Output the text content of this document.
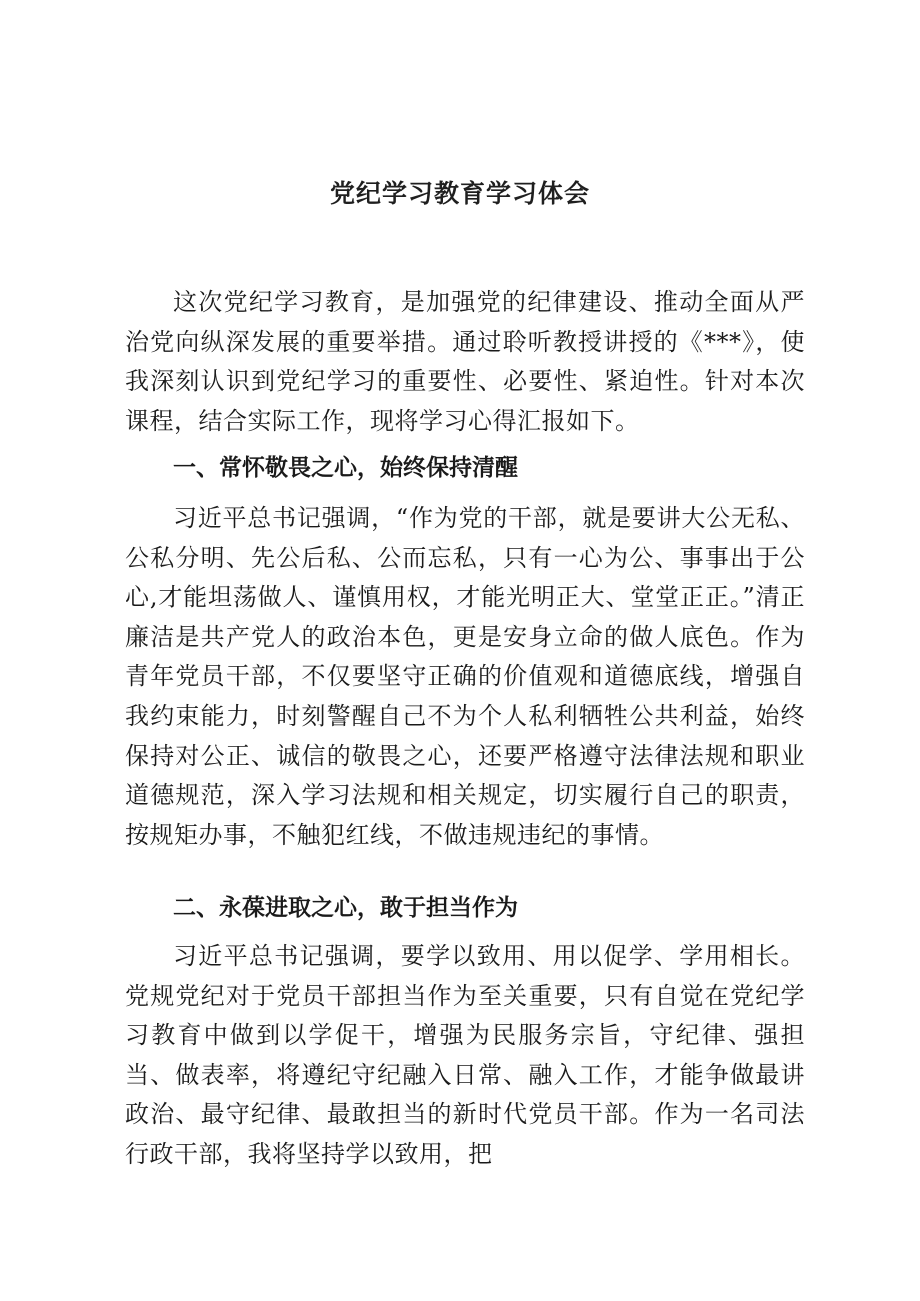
党纪学习教育学习体会

这次党纪学习教育，是加强党的纪律建设、推动全面从严治党向纵深发展的重要举措。通过聆听教授讲授的《***》，使我深刻认识到党纪学习的重要性、必要性、紧迫性。针对本次课程，结合实际工作，现将学习心得汇报如下。

一、常怀敬畏之心，始终保持清醒

习近平总书记强调，“作为党的干部，就是要讲大公无私、公私分明、先公后私、公而忘私，只有一心为公、事事出于公心,才能坦荡做人、谨慎用权，才能光明正大、堂堂正正。”清正廉洁是共产党人的政治本色，更是安身立命的做人底色。作为青年党员干部，不仅要坚守正确的价值观和道德底线，增强自我约束能力，时刻警醒自己不为个人私利牺牲公共利益，始终保持对公正、诚信的敬畏之心，还要严格遵守法律法规和职业道德规范，深入学习法规和相关规定，切实履行自己的职责，按规矩办事，不触犯红线，不做违规违纪的事情。

二、永葆进取之心，敢于担当作为

习近平总书记强调，要学以致用、用以促学、学用相长。党规党纪对于党员干部担当作为至关重要，只有自觉在党纪学习教育中做到以学促干，增强为民服务宗旨，守纪律、强担当、做表率，将遵纪守纪融入日常、融入工作，才能争做最讲政治、最守纪律、最敢担当的新时代党员干部。作为一名司法行政干部，我将坚持学以致用，把
